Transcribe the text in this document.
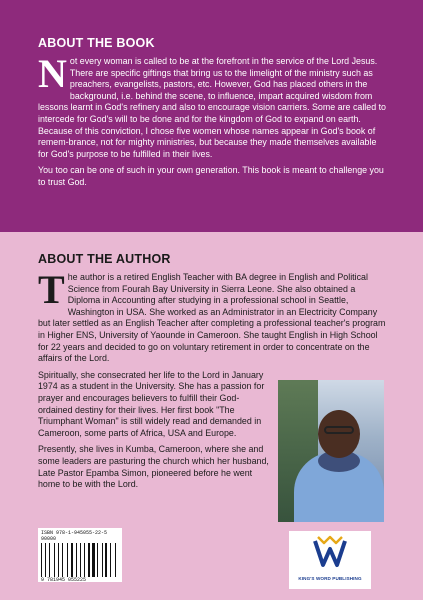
ABOUT THE BOOK

Not every woman is called to be at the forefront in the service of the Lord Jesus. There are specific giftings that bring us to the limelight of the ministry such as preachers, evangelists, pastors, etc. However, God has placed others in the background, i.e. behind the scene, to influence, impart acquired wisdom from lessons learnt in God's refinery and also to encourage vision carriers. Some are called to intercede for God's will to be done and for the kingdom of God to expand on earth. Because of this conviction, I chose five women whose names appear in God's book of remem-brance, not for mighty ministries, but because they made themselves available for God's purpose to be fulfilled in their lives.

You too can be one of such in your own generation. This book is meant to challenge you to trust God.

ABOUT THE AUTHOR

The author is a retired English Teacher with BA degree in English and Political Science from Fourah Bay University in Sierra Leone. She also obtained a Diploma in Accounting after studying in a professional school in Seattle, Washington in USA. She worked as an Administrator in an Electricity Company but later settled as an English Teacher after completing a professional teacher's program in Higher ENS, University of Yaounde in Cameroon. She taught English in High School for 22 years and decided to go on voluntary retirement in order to concentrate on the affairs of the Lord.

Spiritually, she consecrated her life to the Lord in January 1974 as a student in the University. She has a passion for prayer and encourages believers to fulfill their God-ordained destiny for their lives. Her first book "The Triumphant Woman" is still widely read and demanded in Cameroon, some parts of Africa, USA and Europe.

Presently, she lives in Kumba, Cameroon, where she and some leaders are pasturing the church which her husband, Late Pastor Epamba Simon, pioneered before he went home to be with the Lord.

ISBN 978-1-945055-22-5 90000
9 781945 055225	KING'S WORD PUBLISHING
